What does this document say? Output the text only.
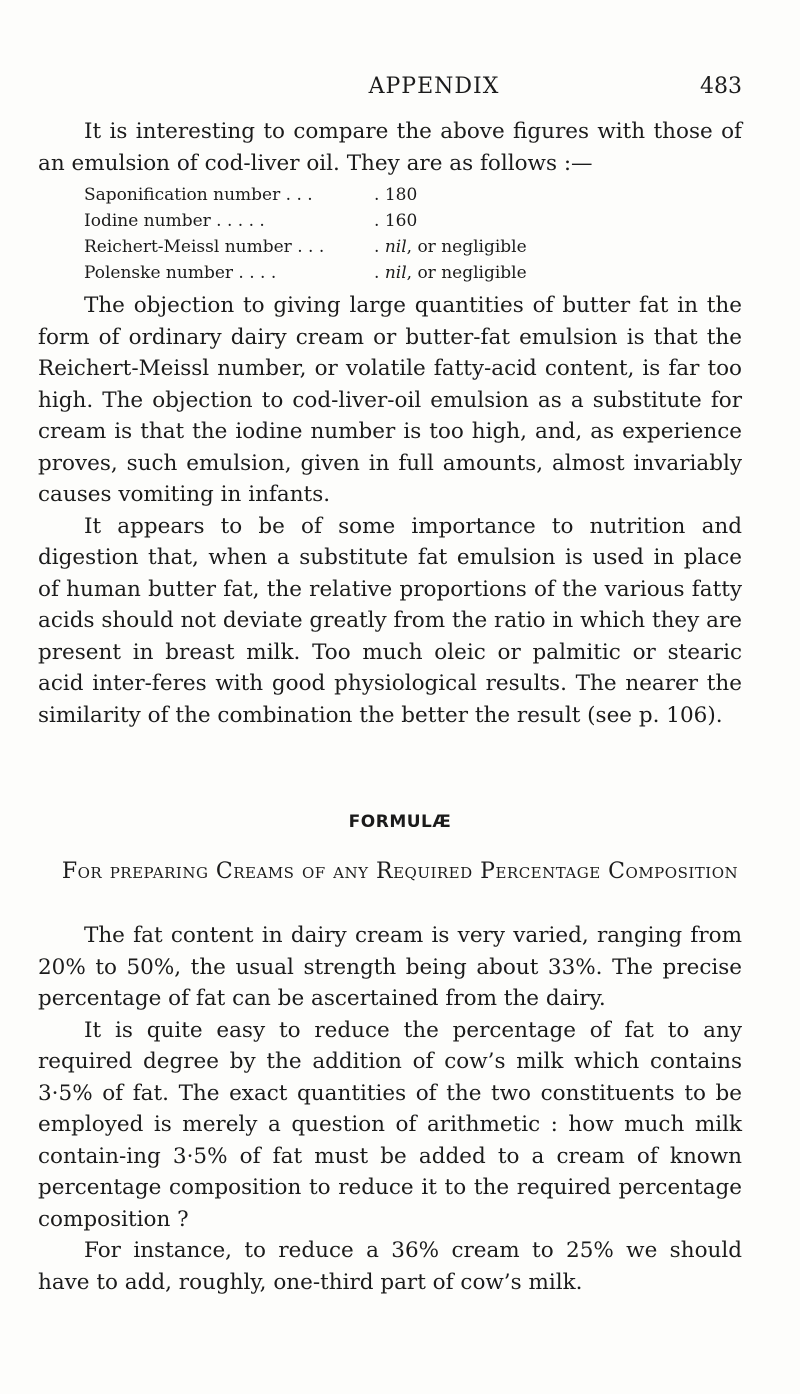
APPENDIX	483

It is interesting to compare the above figures with those of an emulsion of cod-liver oil. They are as follows :—

Saponification number . . .	. 180
Iodine number . . . . .	. 160
Reichert-Meissl number . . .	. nil, or negligible
Polenske number . . . .	. nil, or negligible

The objection to giving large quantities of butter fat in the form of ordinary dairy cream or butter-fat emulsion is that the Reichert-Meissl number, or volatile fatty-acid content, is far too high. The objection to cod-liver-oil emulsion as a substitute for cream is that the iodine number is too high, and, as experience proves, such emulsion, given in full amounts, almost invariably causes vomiting in infants.

It appears to be of some importance to nutrition and digestion that, when a substitute fat emulsion is used in place of human butter fat, the relative proportions of the various fatty acids should not deviate greatly from the ratio in which they are present in breast milk. Too much oleic or palmitic or stearic acid inter-feres with good physiological results. The nearer the similarity of the combination the better the result (see p. 106).

FORMULÆ
For preparing Creams of any Required Percentage Composition

The fat content in dairy cream is very varied, ranging from 20% to 50%, the usual strength being about 33%. The precise percentage of fat can be ascertained from the dairy.

It is quite easy to reduce the percentage of fat to any required degree by the addition of cow’s milk which contains 3·5% of fat. The exact quantities of the two constituents to be employed is merely a question of arithmetic : how much milk contain-ing 3·5% of fat must be added to a cream of known percentage composition to reduce it to the required percentage composition ?

For instance, to reduce a 36% cream to 25% we should have to add, roughly, one-third part of cow’s milk.
